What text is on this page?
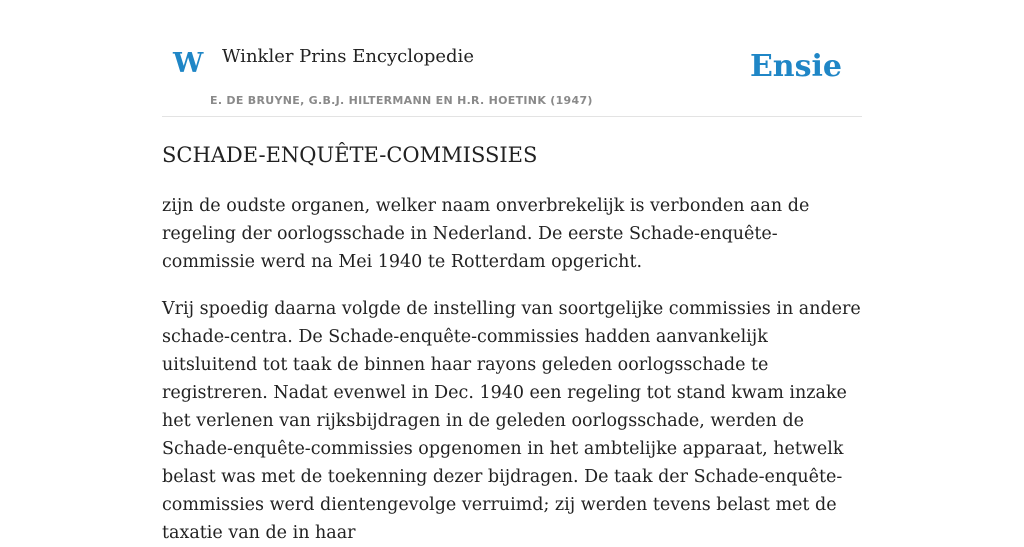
W Winkler Prins Encyclopedie
E. DE BRUYNE, G.B.J. HILTERMANN EN H.R. HOETINK (1947)
Ensie
SCHADE-ENQUÊTE-COMMISSIES

zijn de oudste organen, welker naam onverbrekelijk is verbonden aan de regeling der oorlogsschade in Nederland. De eerste Schade-enquête-commissie werd na Mei 1940 te Rotterdam opgericht.

Vrij spoedig daarna volgde de instelling van soortgelijke commissies in andere schade-centra. De Schade-enquête-commissies hadden aanvankelijk uitsluitend tot taak de binnen haar rayons geleden oorlogsschade te registreren. Nadat evenwel in Dec. 1940 een regeling tot stand kwam inzake het verlenen van rijksbijdragen in de geleden oorlogsschade, werden de Schade-enquête-commissies opgenomen in het ambtelijke apparaat, hetwelk belast was met de toekenning dezer bijdragen. De taak der Schade-enquête-commissies werd dientengevolge verruimd; zij werden tevens belast met de taxatie van de in haar
